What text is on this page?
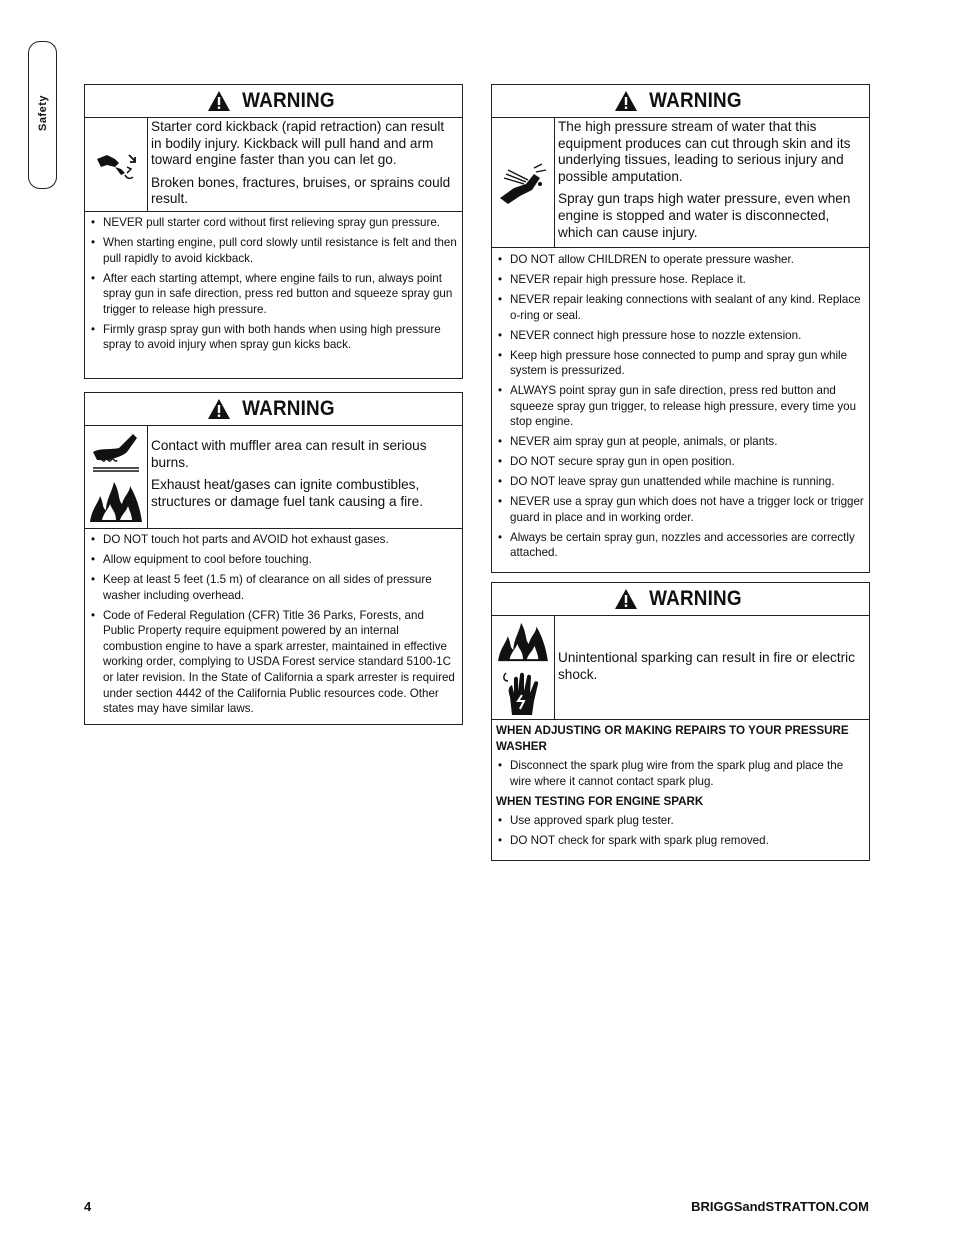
Safety	WARNING

Starter cord kickback (rapid retraction) can result in bodily injury. Kickback will pull hand and arm toward engine faster than you can let go.

Broken bones, fractures, bruises, or sprains could result.

• NEVER pull starter cord without first relieving spray gun pressure.
• When starting engine, pull cord slowly until resistance is felt and then pull rapidly to avoid kickback.
• After each starting attempt, where engine fails to run, always point spray gun in safe direction, press red button and squeeze spray gun trigger to release high pressure.
• Firmly grasp spray gun with both hands when using high pressure spray to avoid injury when spray gun kicks back.
WARNING

Contact with muffler area can result in serious burns.

Exhaust heat/gases can ignite combustibles, structures or damage fuel tank causing a fire.

• DO NOT touch hot parts and AVOID hot exhaust gases.
• Allow equipment to cool before touching.
• Keep at least 5 feet (1.5 m) of clearance on all sides of pressure washer including overhead.
• Code of Federal Regulation (CFR) Title 36 Parks, Forests, and Public Property require equipment powered by an internal combustion engine to have a spark arrester, maintained in effective working order, complying to USDA Forest service standard 5100-1C or later revision. In the State of California a spark arrester is required under section 4442 of the California Public resources code. Other states may have similar laws.
WARNING

The high pressure stream of water that this equipment produces can cut through skin and its underlying tissues, leading to serious injury and possible amputation.

Spray gun traps high water pressure, even when engine is stopped and water is disconnected, which can cause injury.

• DO NOT allow CHILDREN to operate pressure washer.
• NEVER repair high pressure hose. Replace it.
• NEVER repair leaking connections with sealant of any kind. Replace o-ring or seal.
• NEVER connect high pressure hose to nozzle extension.
• Keep high pressure hose connected to pump and spray gun while system is pressurized.
• ALWAYS point spray gun in safe direction, press red button and squeeze spray gun trigger, to release high pressure, every time you stop engine.
• NEVER aim spray gun at people, animals, or plants.
• DO NOT secure spray gun in open position.
• DO NOT leave spray gun unattended while machine is running.
• NEVER use a spray gun which does not have a trigger lock or trigger guard in place and in working order.
• Always be certain spray gun, nozzles and accessories are correctly attached.
WARNING

Unintentional sparking can result in fire or electric shock.

WHEN ADJUSTING OR MAKING REPAIRS TO YOUR PRESSURE WASHER
• Disconnect the spark plug wire from the spark plug and place the wire where it cannot contact spark plug.
WHEN TESTING FOR ENGINE SPARK
• Use approved spark plug tester.
• DO NOT check for spark with spark plug removed.
4	BRIGGSandSTRATTON.COM
